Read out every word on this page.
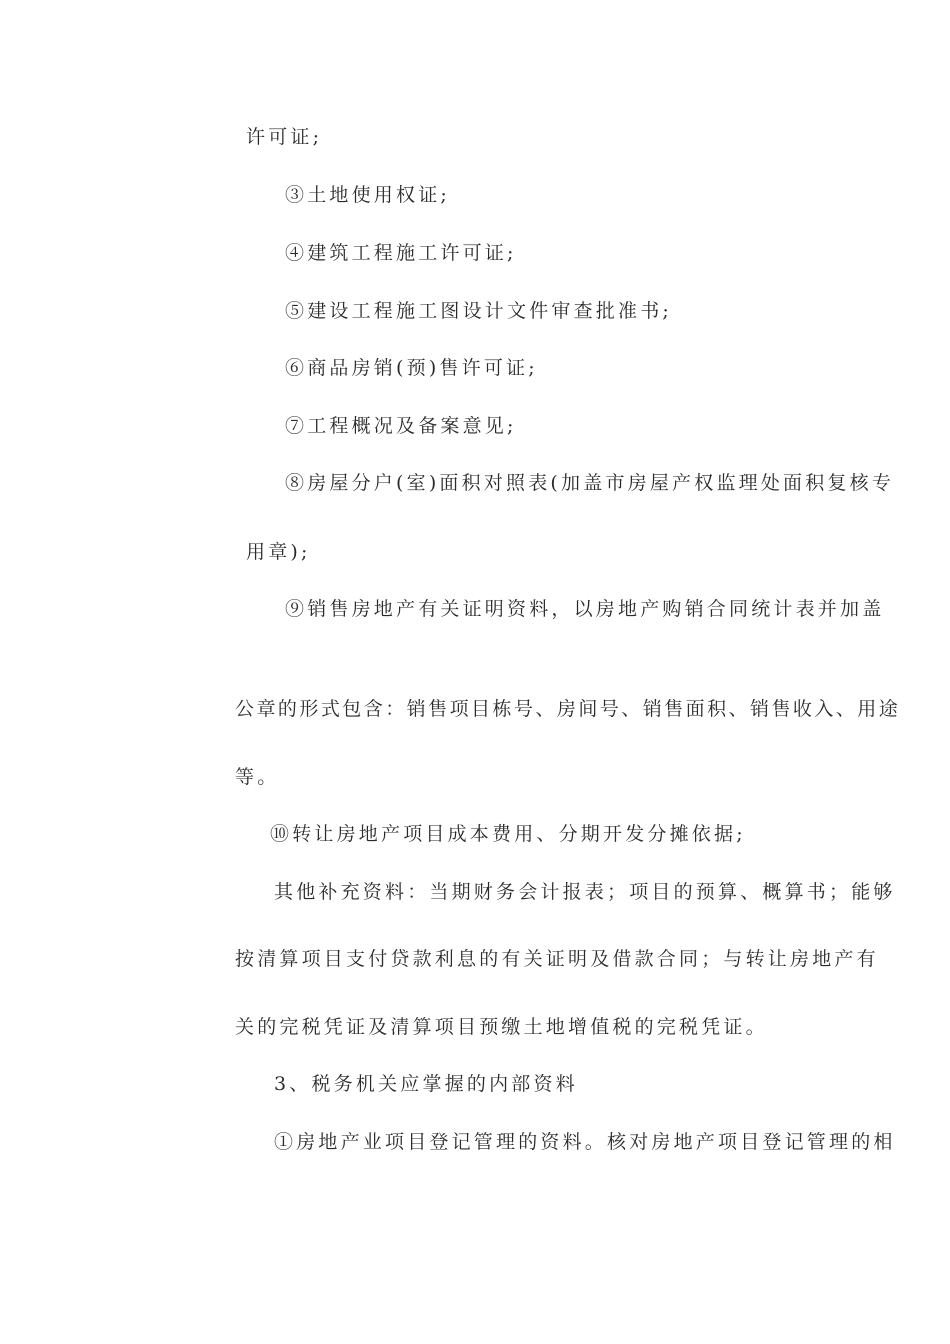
许可证;

③土地使用权证;

④建筑工程施工许可证;

⑤建设工程施工图设计文件审查批准书;

⑥商品房销(预)售许可证;

⑦工程概况及备案意见;

⑧房屋分户(室)面积对照表(加盖市房屋产权监理处面积复核专

用章);

⑨销售房地产有关证明资料，以房地产购销合同统计表并加盖

公章的形式包含：销售项目栋号、房间号、销售面积、销售收入、用途

等。

⑩转让房地产项目成本费用、分期开发分摊依据;

其他补充资料：当期财务会计报表；项目的预算、概算书；能够

按清算项目支付贷款利息的有关证明及借款合同；与转让房地产有

关的完税凭证及清算项目预缴土地增值税的完税凭证。

3、税务机关应掌握的内部资料

①房地产业项目登记管理的资料。核对房地产项目登记管理的相
